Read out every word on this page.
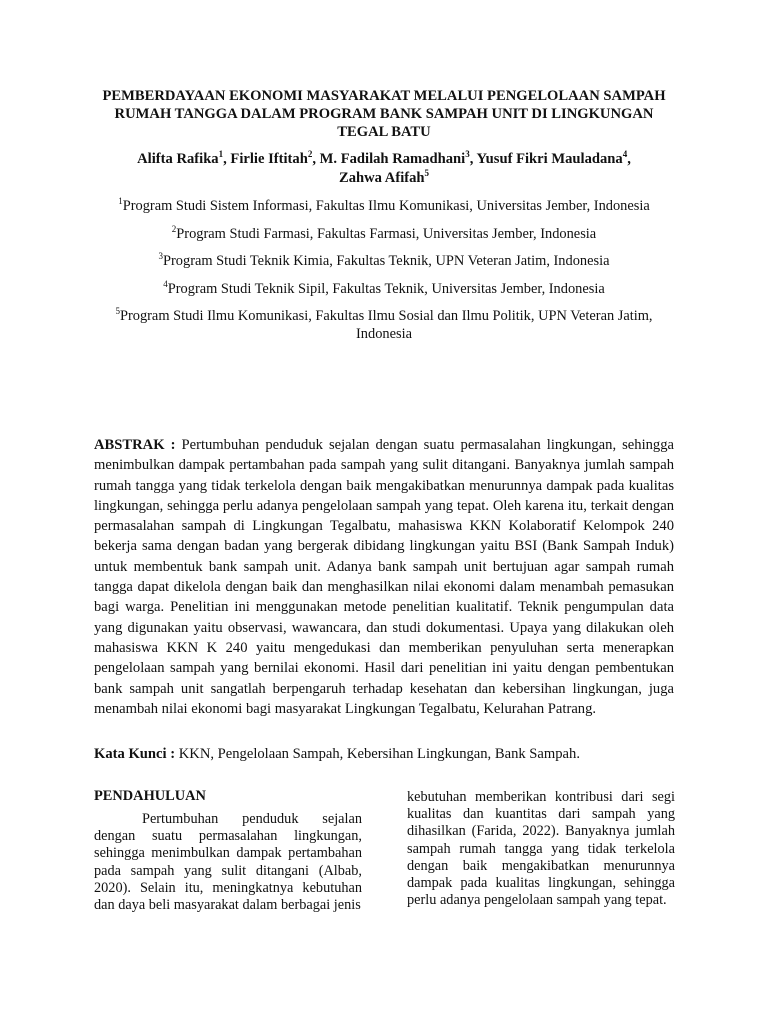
PEMBERDAYAAN EKONOMI MASYARAKAT MELALUI PENGELOLAAN SAMPAH RUMAH TANGGA DALAM PROGRAM BANK SAMPAH UNIT DI LINGKUNGAN TEGAL BATU
Alifta Rafika$^1$, Firlie Iftitah$^2$, M. Fadilah Ramadhani$^3$, Yusuf Fikri Mauladana$^4$,
Zahwa Afifah$^5$
$^1$Program Studi Sistem Informasi, Fakultas Ilmu Komunikasi, Universitas Jember, Indonesia
$^2$Program Studi Farmasi, Fakultas Farmasi, Universitas Jember, Indonesia
$^3$Program Studi Teknik Kimia, Fakultas Teknik, UPN Veteran Jatim, Indonesia
$^4$Program Studi Teknik Sipil, Fakultas Teknik, Universitas Jember, Indonesia
$^5$Program Studi Ilmu Komunikasi, Fakultas Ilmu Sosial dan Ilmu Politik, UPN Veteran Jatim, Indonesia

ABSTRAK : Pertumbuhan penduduk sejalan dengan suatu permasalahan lingkungan, sehingga menimbulkan dampak pertambahan pada sampah yang sulit ditangani. Banyaknya jumlah sampah rumah tangga yang tidak terkelola dengan baik mengakibatkan menurunnya dampak pada kualitas lingkungan, sehingga perlu adanya pengelolaan sampah yang tepat. Oleh karena itu, terkait dengan permasalahan sampah di Lingkungan Tegalbatu, mahasiswa KKN Kolaboratif Kelompok 240 bekerja sama dengan badan yang bergerak dibidang lingkungan yaitu BSI (Bank Sampah Induk) untuk membentuk bank sampah unit. Adanya bank sampah unit bertujuan agar sampah rumah tangga dapat dikelola dengan baik dan menghasilkan nilai ekonomi dalam menambah pemasukan bagi warga. Penelitian ini menggunakan metode penelitian kualitatif. Teknik pengumpulan data yang digunakan yaitu observasi, wawancara, dan studi dokumentasi. Upaya yang dilakukan oleh mahasiswa KKN K 240 yaitu mengedukasi dan memberikan penyuluhan serta menerapkan pengelolaan sampah yang bernilai ekonomi. Hasil dari penelitian ini yaitu dengan pembentukan bank sampah unit sangatlah berpengaruh terhadap kesehatan dan kebersihan lingkungan, juga menambah nilai ekonomi bagi masyarakat Lingkungan Tegalbatu, Kelurahan Patrang.

Kata Kunci : KKN, Pengelolaan Sampah, Kebersihan Lingkungan, Bank Sampah.

PENDAHULUAN

Pertumbuhan penduduk sejalan dengan suatu permasalahan lingkungan, sehingga menimbulkan dampak pertambahan pada sampah yang sulit ditangani (Albab, 2020). Selain itu, meningkatnya kebutuhan dan daya beli masyarakat dalam berbagai jenis

kebutuhan memberikan kontribusi dari segi kualitas dan kuantitas dari sampah yang dihasilkan (Farida, 2022). Banyaknya jumlah sampah rumah tangga yang tidak terkelola dengan baik mengakibatkan menurunnya dampak pada kualitas lingkungan, sehingga perlu adanya pengelolaan sampah yang tepat.
